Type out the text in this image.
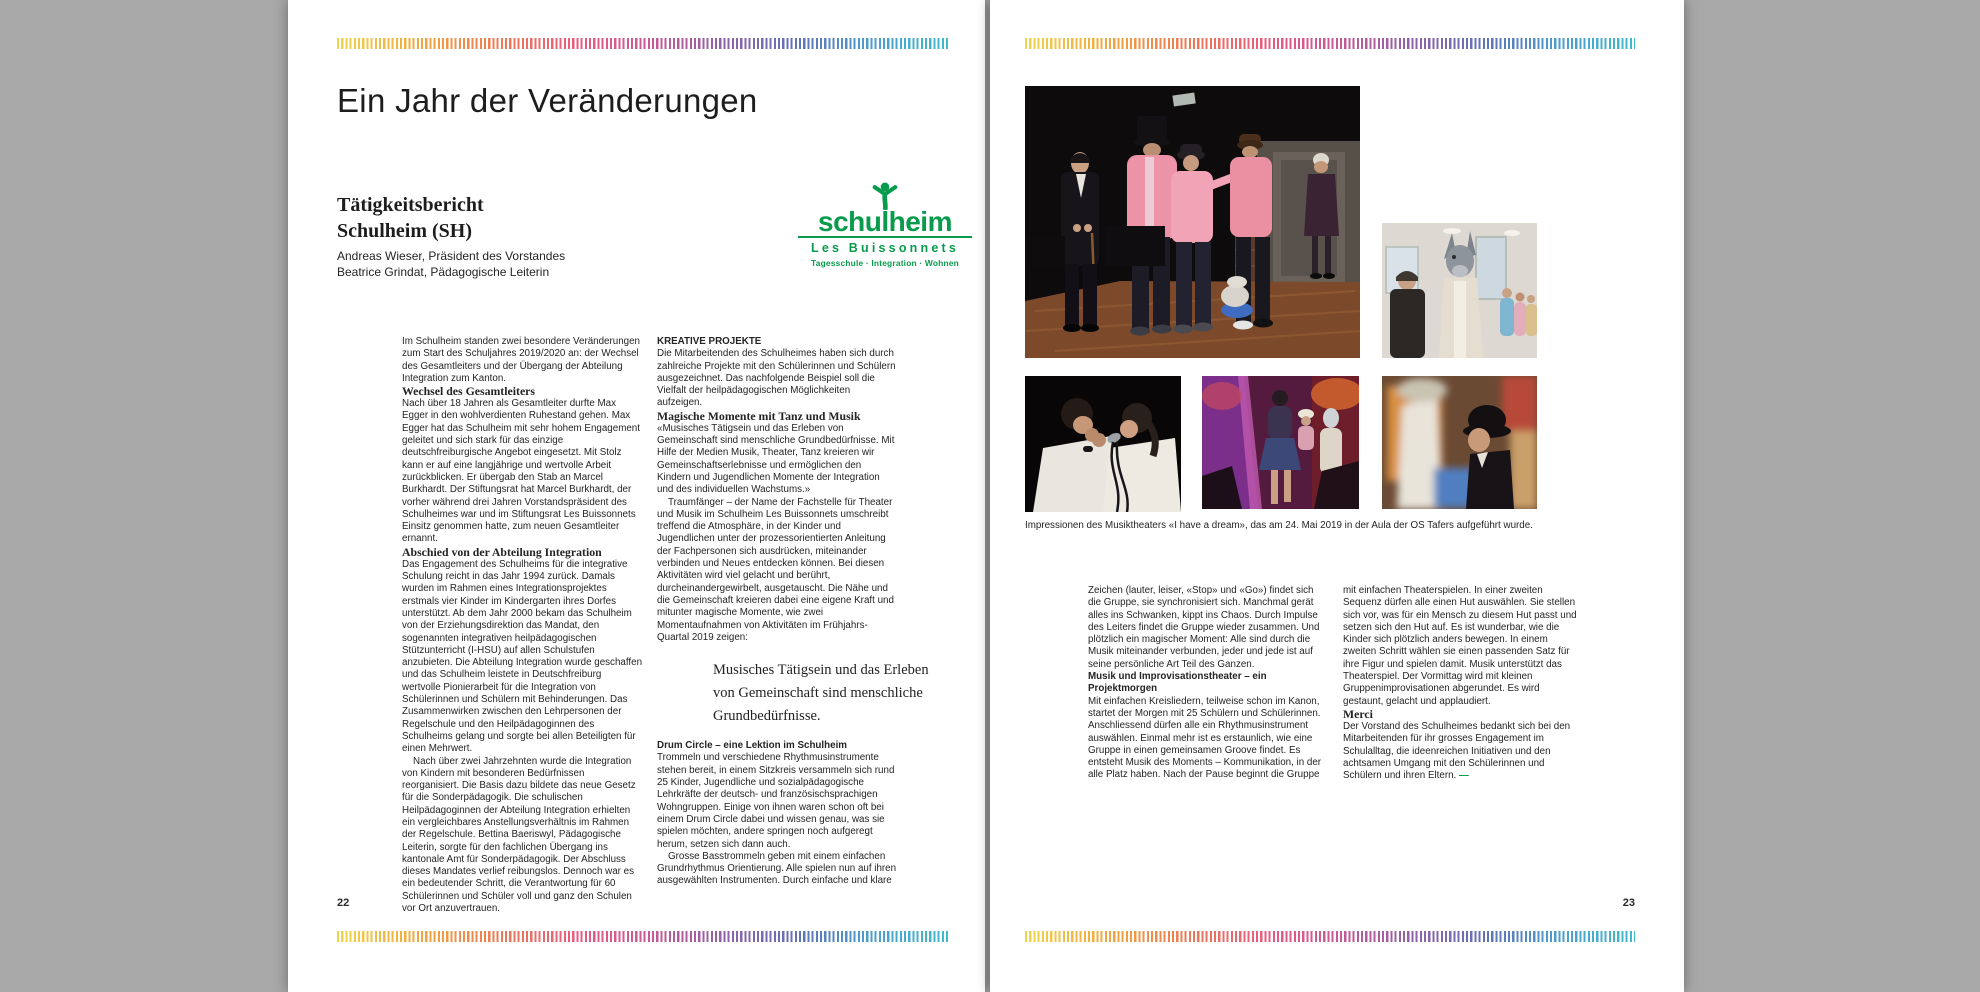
Ein Jahr der Veränderungen
Tätigkeitsbericht
Schulheim (SH)
Andreas Wieser, Präsident des Vorstandes
Beatrice Grindat, Pädagogische Leiterin
schulheim
Les Buissonnets
Tagesschule · Integration · Wohnen

Im Schulheim standen zwei besondere Veränderungen zum Start des Schuljahres 2019/2020 an: der Wechsel des Gesamtleiters und der Übergang der Abteilung Integration zum Kanton.

Wechsel des Gesamtleiters

Nach über 18 Jahren als Gesamtleiter durfte Max Egger in den wohlverdienten Ruhestand gehen. Max Egger hat das Schulheim mit sehr hohem Engagement geleitet und sich stark für das einzige deutschfreiburgische Angebot eingesetzt. Mit Stolz kann er auf eine langjährige und wertvolle Arbeit zurückblicken. Er übergab den Stab an Marcel Burkhardt. Der Stiftungsrat hat Marcel Burkhardt, der vorher während drei Jahren Vorstandspräsident des Schulheimes war und im Stiftungsrat Les Buissonnets Einsitz genommen hatte, zum neuen Gesamtleiter ernannt.

Abschied von der Abteilung Integration

Das Engagement des Schulheims für die integrative Schulung reicht in das Jahr 1994 zurück. Damals wurden im Rahmen eines Integrationsprojektes erstmals vier Kinder im Kindergarten ihres Dorfes unterstützt. Ab dem Jahr 2000 bekam das Schulheim von der Erziehungsdirektion das Mandat, den sogenannten integrativen heilpädagogischen Stützunterricht (I-HSU) auf allen Schulstufen anzubieten. Die Abteilung Integration wurde geschaffen und das Schulheim leistete in Deutschfreiburg wertvolle Pionierarbeit für die Integration von Schülerinnen und Schülern mit Behinderungen. Das Zusammenwirken zwischen den Lehrpersonen der Regelschule und den Heilpädagoginnen des Schulheims gelang und sorgte bei allen Beteiligten für einen Mehrwert.

Nach über zwei Jahrzehnten wurde die Integration von Kindern mit besonderen Bedürfnissen reorganisiert. Die Basis dazu bildete das neue Gesetz für die Sonderpädagogik. Die schulischen Heilpädagoginnen der Abteilung Integration erhielten ein vergleichbares Anstellungsverhältnis im Rahmen der Regelschule. Bettina Baeriswyl, Pädagogische Leiterin, sorgte für den fachlichen Übergang ins kantonale Amt für Sonderpädagogik. Der Abschluss dieses Mandates verlief reibungslos. Dennoch war es ein bedeutender Schritt, die Verantwortung für 60 Schülerinnen und Schüler voll und ganz den Schulen vor Ort anzuvertrauen.

KREATIVE PROJEKTE

Die Mitarbeitenden des Schulheimes haben sich durch zahlreiche Projekte mit den Schülerinnen und Schülern ausgezeichnet. Das nachfolgende Beispiel soll die Vielfalt der heilpädagogischen Möglichkeiten aufzeigen.

Magische Momente mit Tanz und Musik

«Musisches Tätigsein und das Erleben von Gemeinschaft sind menschliche Grundbedürfnisse. Mit Hilfe der Medien Musik, Theater, Tanz kreieren wir Gemeinschaftserlebnisse und ermöglichen den Kindern und Jugendlichen Momente der Integration und des individuellen Wachstums.»

Traumfänger – der Name der Fachstelle für Theater und Musik im Schulheim Les Buissonnets umschreibt treffend die Atmosphäre, in der Kinder und Jugendlichen unter der prozessorientierten Anleitung der Fachpersonen sich ausdrücken, miteinander verbinden und Neues entdecken können. Bei diesen Aktivitäten wird viel gelacht und berührt, durcheinandergewirbelt, ausgetauscht. Die Nähe und die Gemeinschaft kreieren dabei eine eigene Kraft und mitunter magische Momente, wie zwei Momentaufnahmen von Aktivitäten im Frühjahrs-Quartal 2019 zeigen:

Musisches Tätigsein und das Erleben von Gemeinschaft sind menschliche Grundbedürfnisse.

Drum Circle – eine Lektion im Schulheim

Trommeln und verschiedene Rhythmusinstrumente stehen bereit, in einem Sitzkreis versammeln sich rund 25 Kinder, Jugendliche und sozialpädagogische Lehrkräfte der deutsch- und französischsprachigen Wohngruppen. Einige von ihnen waren schon oft bei einem Drum Circle dabei und wissen genau, was sie spielen möchten, andere springen noch aufgeregt herum, setzen sich dann auch.

Grosse Basstrommeln geben mit einem einfachen Grundrhythmus Orientierung. Alle spielen nun auf ihren ausgewählten Instrumenten. Durch einfache und klare

22
Impressionen des Musiktheaters «I have a dream», das am 24. Mai 2019 in der Aula der OS Tafers aufgeführt wurde.

Zeichen (lauter, leiser, «Stop» und «Go») findet sich die Gruppe, sie synchronisiert sich. Manchmal gerät alles ins Schwanken, kippt ins Chaos. Durch Impulse des Leiters findet die Gruppe wieder zusammen. Und plötzlich ein magischer Moment: Alle sind durch die Musik miteinander verbunden, jeder und jede ist auf seine persönliche Art Teil des Ganzen.

Musik und Improvisationstheater – ein Projektmorgen

Mit einfachen Kreisliedern, teilweise schon im Kanon, startet der Morgen mit 25 Schülern und Schülerinnen. Anschliessend dürfen alle ein Rhythmusinstrument auswählen. Einmal mehr ist es erstaunlich, wie eine Gruppe in einen gemeinsamen Groove findet. Es entsteht Musik des Moments – Kommunikation, in der alle Platz haben. Nach der Pause beginnt die Gruppe

mit einfachen Theaterspielen. In einer zweiten Sequenz dürfen alle einen Hut auswählen. Sie stellen sich vor, was für ein Mensch zu diesem Hut passt und setzen sich den Hut auf. Es ist wunderbar, wie die Kinder sich plötzlich anders bewegen. In einem zweiten Schritt wählen sie einen passenden Satz für ihre Figur und spielen damit. Musik unterstützt das Theaterspiel. Der Vormittag wird mit kleinen Gruppenimprovisationen abgerundet. Es wird gestaunt, gelacht und applaudiert.

Merci

Der Vorstand des Schulheimes bedankt sich bei den Mitarbeitenden für ihr grosses Engagement im Schulalltag, die ideenreichen Initiativen und den achtsamen Umgang mit den Schülerinnen und Schülern und ihren Eltern. —

23
